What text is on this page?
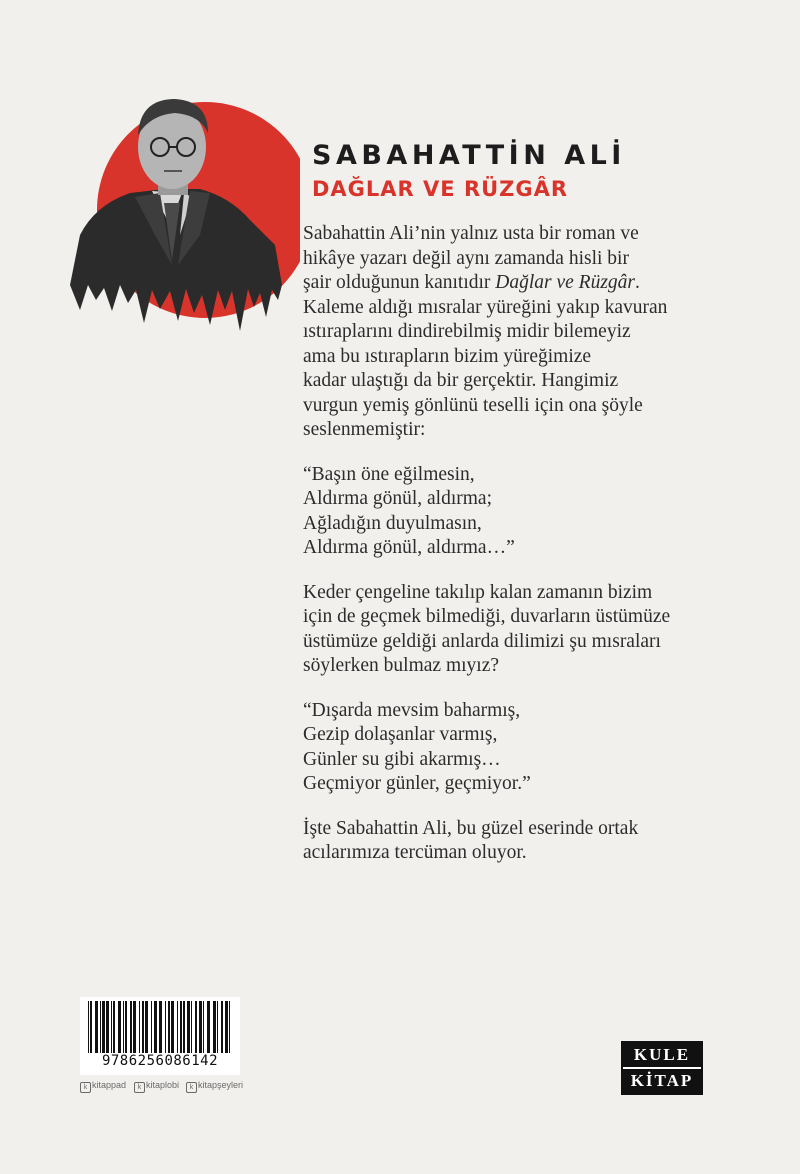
SABAHATTİN ALİ
DAĞLAR VE RÜZGÂR

Sabahattin Ali’nin yalnız usta bir roman ve
hikâye yazarı değil aynı zamanda hisli bir
şair olduğunun kanıtıdır Dağlar ve Rüzgâr.
Kaleme aldığı mısralar yüreğini yakıp kavuran
ıstıraplarını dindirebilmiş midir bilemeyiz
ama bu ıstırapların bizim yüreğimize
kadar ulaştığı da bir gerçektir. Hangimiz
vurgun yemiş gönlünü teselli için ona şöyle
seslenmemiştir:

“Başın öne eğilmesin,
Aldırma gönül, aldırma;
Ağladığın duyulmasın,
Aldırma gönül, aldırma…”

Keder çengeline takılıp kalan zamanın bizim
için de geçmek bilmediği, duvarların üstümüze
üstümüze geldiği anlarda dilimizi şu mısraları
söylerken bulmaz mıyız?

“Dışarda mevsim baharmış,
Gezip dolaşanlar varmış,
Günler su gibi akarmış…
Geçmiyor günler, geçmiyor.”

İşte Sabahattin Ali, bu güzel eserinde ortak
acılarımıza tercüman oluyor.

9786256086142
k kitappad	k kitaplobi	k kitapşeyleri
KULE
KİTAP
